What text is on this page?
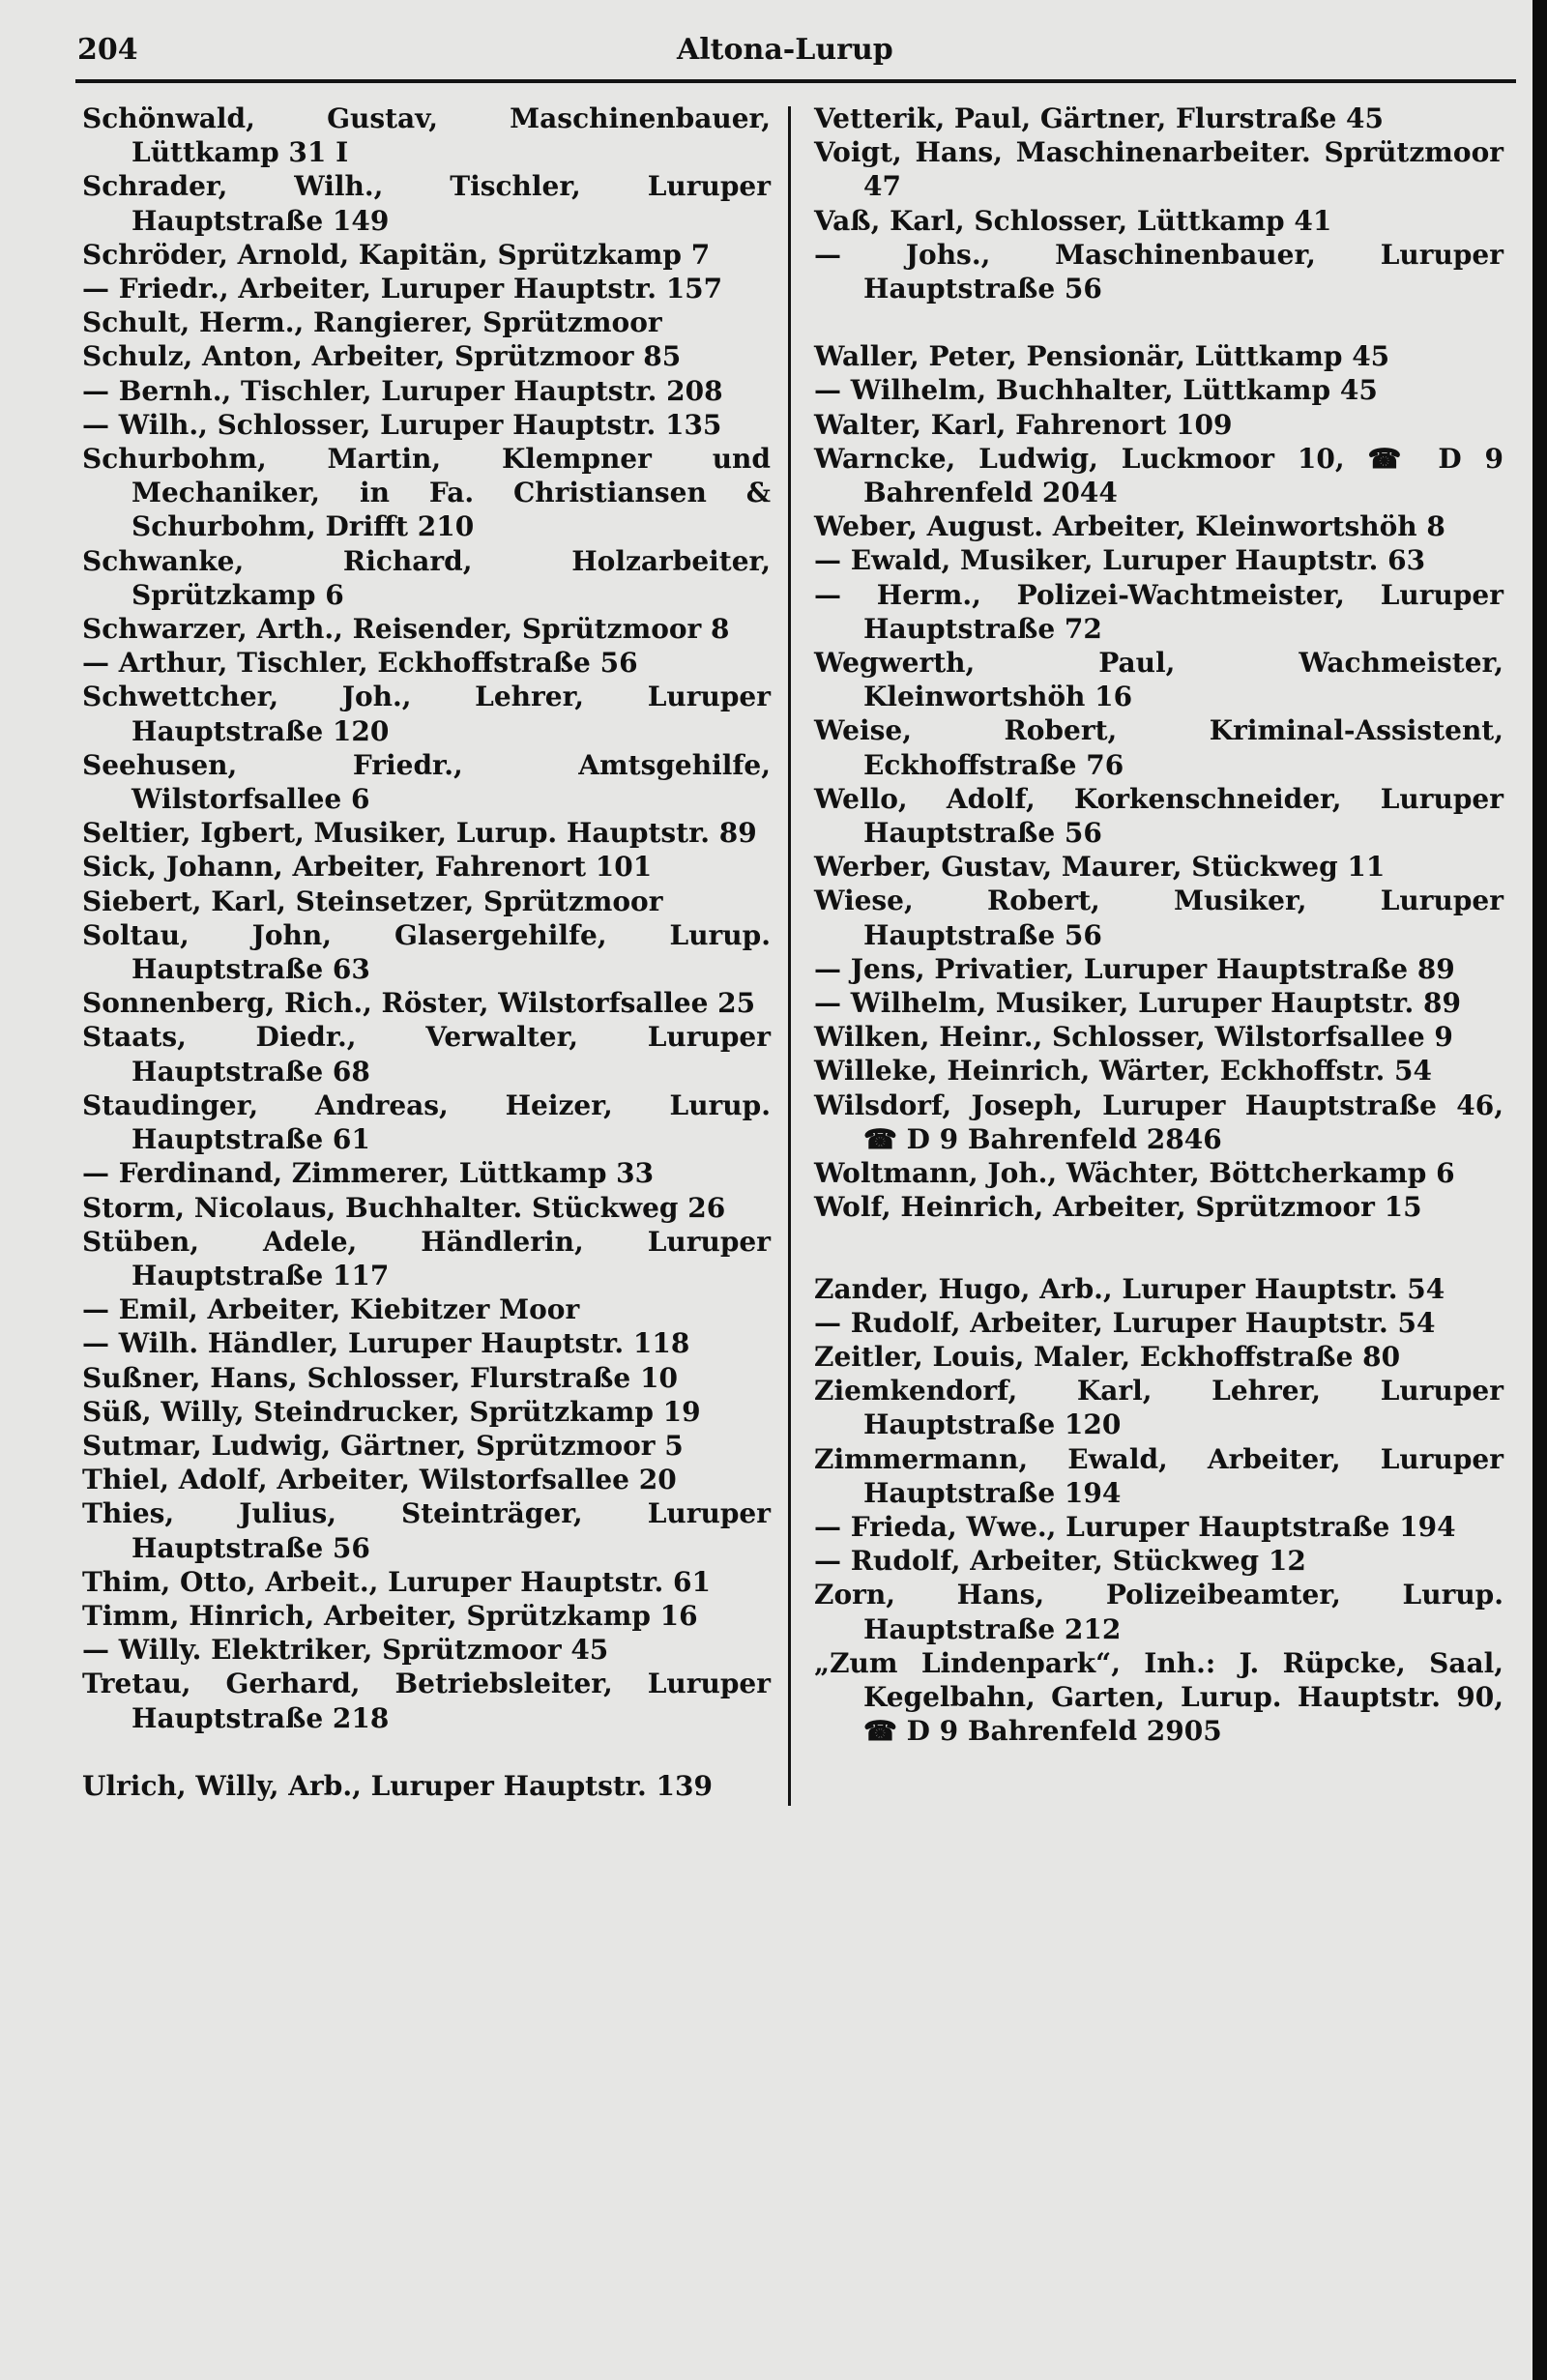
204	Altona-Lurup

Schönwald, Gustav, Maschinenbauer, Lüttkamp 31 I

Schrader, Wilh., Tischler, Luruper Hauptstraße 149

Schröder, Arnold, Kapitän, Sprützkamp 7

— Friedr., Arbeiter, Luruper Hauptstr. 157

Schult, Herm., Rangierer, Sprützmoor

Schulz, Anton, Arbeiter, Sprützmoor 85

— Bernh., Tischler, Luruper Hauptstr. 208

— Wilh., Schlosser, Luruper Hauptstr. 135

Schurbohm, Martin, Klempner und Mechaniker, in Fa. Christiansen & Schurbohm, Drifft 210

Schwanke, Richard, Holzarbeiter, Sprützkamp 6

Schwarzer, Arth., Reisender, Sprützmoor 8

— Arthur, Tischler, Eckhoffstraße 56

Schwettcher, Joh., Lehrer, Luruper Hauptstraße 120

Seehusen, Friedr., Amtsgehilfe, Wilstorfsallee 6

Seltier, Igbert, Musiker, Lurup. Hauptstr. 89

Sick, Johann, Arbeiter, Fahrenort 101

Siebert, Karl, Steinsetzer, Sprützmoor

Soltau, John, Glasergehilfe, Lurup. Hauptstraße 63

Sonnenberg, Rich., Röster, Wilstorfsallee 25

Staats, Diedr., Verwalter, Luruper Hauptstraße 68

Staudinger, Andreas, Heizer, Lurup. Hauptstraße 61

— Ferdinand, Zimmerer, Lüttkamp 33

Storm, Nicolaus, Buchhalter. Stückweg 26

Stüben, Adele, Händlerin, Luruper Hauptstraße 117

— Emil, Arbeiter, Kiebitzer Moor

— Wilh. Händler, Luruper Hauptstr. 118

Sußner, Hans, Schlosser, Flurstraße 10

Süß, Willy, Steindrucker, Sprützkamp 19

Sutmar, Ludwig, Gärtner, Sprützmoor 5

Thiel, Adolf, Arbeiter, Wilstorfsallee 20

Thies, Julius, Steinträger, Luruper Hauptstraße 56

Thim, Otto, Arbeit., Luruper Hauptstr. 61

Timm, Hinrich, Arbeiter, Sprützkamp 16

— Willy. Elektriker, Sprützmoor 45

Tretau, Gerhard, Betriebsleiter, Luruper Hauptstraße 218

Ulrich, Willy, Arb., Luruper Hauptstr. 139

Vetterik, Paul, Gärtner, Flurstraße 45

Voigt, Hans, Maschinenarbeiter. Sprützmoor 47

Vaß, Karl, Schlosser, Lüttkamp 41

— Johs., Maschinenbauer, Luruper Hauptstraße 56

Waller, Peter, Pensionär, Lüttkamp 45

— Wilhelm, Buchhalter, Lüttkamp 45

Walter, Karl, Fahrenort 109

Warncke, Ludwig, Luckmoor 10, ☎ D 9 Bahrenfeld 2044

Weber, August. Arbeiter, Kleinwortshöh 8

— Ewald, Musiker, Luruper Hauptstr. 63

— Herm., Polizei-Wachtmeister, Luruper Hauptstraße 72

Wegwerth, Paul, Wachmeister, Kleinwortshöh 16

Weise, Robert, Kriminal-Assistent, Eckhoffstraße 76

Wello, Adolf, Korkenschneider, Luruper Hauptstraße 56

Werber, Gustav, Maurer, Stückweg 11

Wiese, Robert, Musiker, Luruper Hauptstraße 56

— Jens, Privatier, Luruper Hauptstraße 89

— Wilhelm, Musiker, Luruper Hauptstr. 89

Wilken, Heinr., Schlosser, Wilstorfsallee 9

Willeke, Heinrich, Wärter, Eckhoffstr. 54

Wilsdorf, Joseph, Luruper Hauptstraße 46, ☎ D 9 Bahrenfeld 2846

Woltmann, Joh., Wächter, Böttcherkamp 6

Wolf, Heinrich, Arbeiter, Sprützmoor 15

Zander, Hugo, Arb., Luruper Hauptstr. 54

— Rudolf, Arbeiter, Luruper Hauptstr. 54

Zeitler, Louis, Maler, Eckhoffstraße 80

Ziemkendorf, Karl, Lehrer, Luruper Hauptstraße 120

Zimmermann, Ewald, Arbeiter, Luruper Hauptstraße 194

— Frieda, Wwe., Luruper Hauptstraße 194

— Rudolf, Arbeiter, Stückweg 12

Zorn, Hans, Polizeibeamter, Lurup. Hauptstraße 212

„Zum Lindenpark“, Inh.: J. Rüpcke, Saal, Kegelbahn, Garten, Lurup. Hauptstr. 90, ☎ D 9 Bahrenfeld 2905
